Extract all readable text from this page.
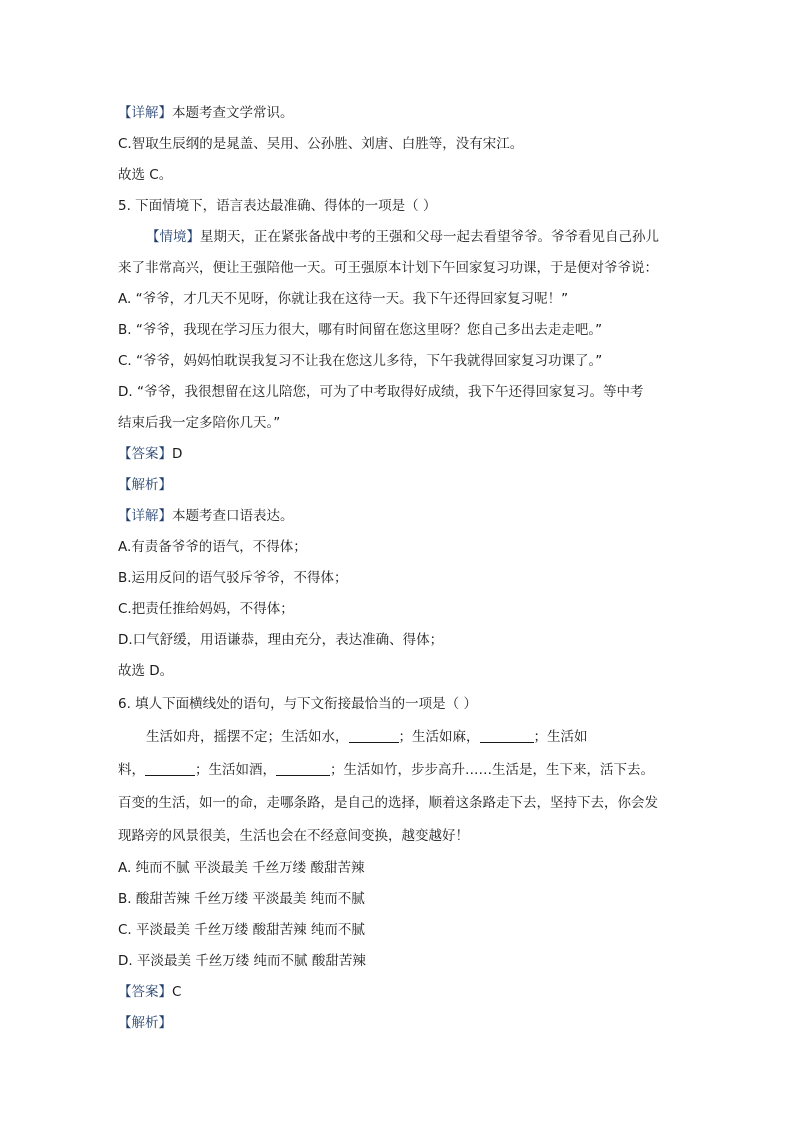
【详解】本题考查文学常识。
C.智取生辰纲的是晁盖、吴用、公孙胜、刘唐、白胜等，没有宋江。
故选 C。
5. 下面情境下，语言表达最准确、得体的一项是（ ）
【情境】星期天，正在紧张备战中考的王强和父母一起去看望爷爷。爷爷看见自己孙儿
来了非常高兴，便让王强陪他一天。可王强原本计划下午回家复习功课，于是便对爷爷说：
A. “爷爷，才几天不见呀，你就让我在这待一天。我下午还得回家复习呢！”
B. “爷爷，我现在学习压力很大，哪有时间留在您这里呀？您自己多出去走走吧。”
C. “爷爷，妈妈怕耽误我复习不让我在您这儿多待，下午我就得回家复习功课了。”
D. “爷爷，我很想留在这儿陪您，可为了中考取得好成绩，我下午还得回家复习。等中考
结束后我一定多陪你几天。”
【答案】D
【解析】
【详解】本题考查口语表达。
A.有责备爷爷的语气，不得体；
B.运用反问的语气驳斥爷爷，不得体；
C.把责任推给妈妈，不得体；
D.口气舒缓，用语谦恭，理由充分，表达准确、得体；
故选 D。
6. 填人下面横线处的语句，与下文衔接最恰当的一项是（ ）
生活如舟，摇摆不定；生活如水，	；生活如麻，	；生活如
料，	；生活如酒，	；生活如竹，步步高升……生活是，生下来，活下去。
百变的生活，如一的命，走哪条路，是自己的选择，顺着这条路走下去，坚持下去，你会发
现路旁的风景很美，生活也会在不经意间变换，越变越好！
A. 纯而不腻 平淡最美 千丝万缕 酸甜苦辣
B. 酸甜苦辣 千丝万缕 平淡最美 纯而不腻
C. 平淡最美 千丝万缕 酸甜苦辣 纯而不腻
D. 平淡最美 千丝万缕 纯而不腻 酸甜苦辣
【答案】C
【解析】
